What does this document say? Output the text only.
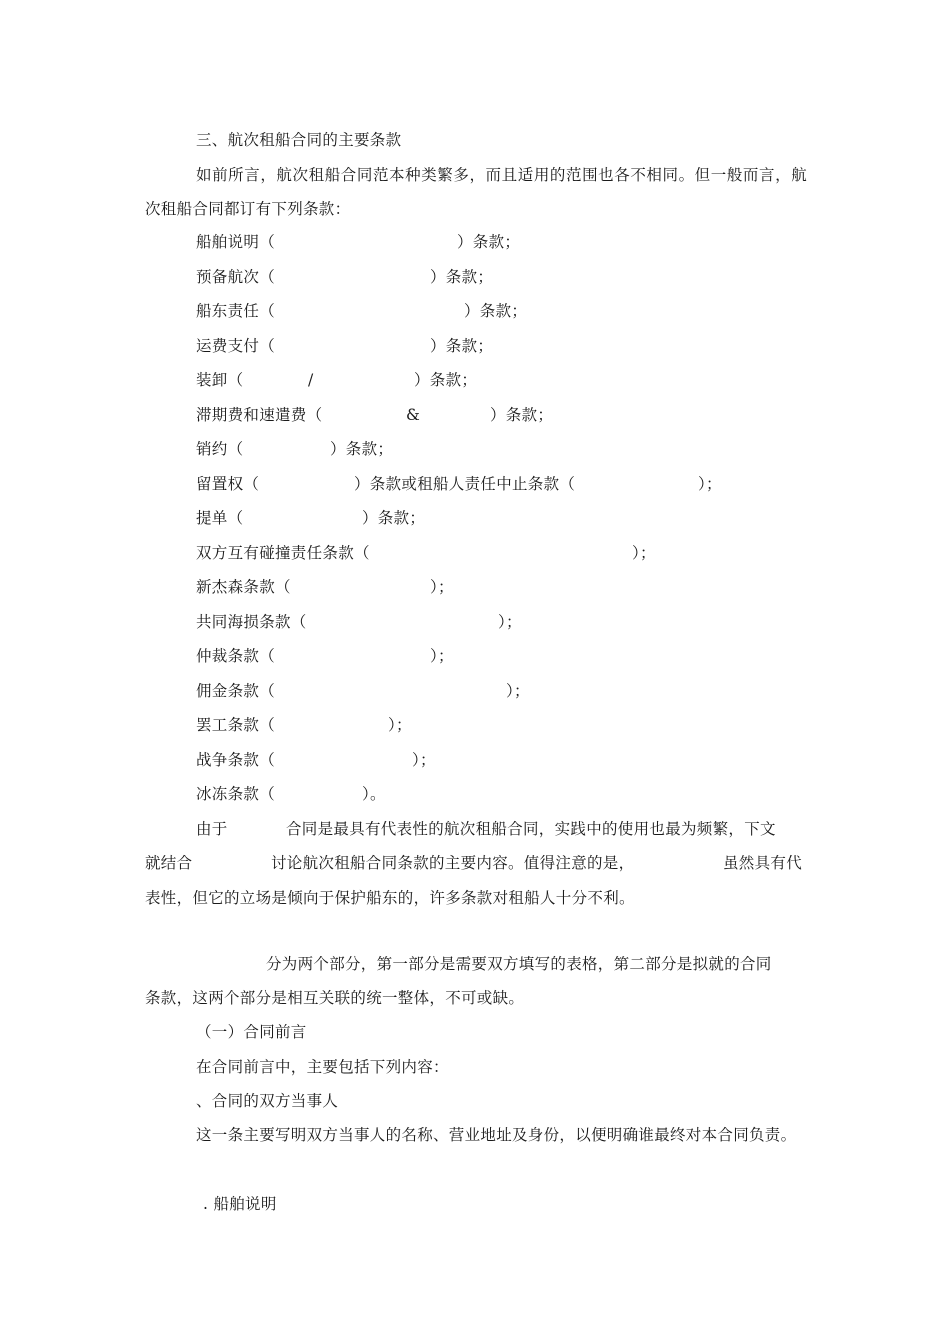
三、航次租船合同的主要条款
如前所言，航次租船合同范本种类繁多，而且适用的范围也各不相同。但一般而言，航次租船合同都订有下列条款：
船舶说明（	）条款；
预备航次（	）条款；
船东责任（	）条款；
运费支付（	）条款；
装卸（	/	）条款；
滞期费和速遣费（	&	）条款；
销约（	）条款；
留置权（	）条款或租船人责任中止条款（	）；
提单（	）条款；
双方互有碰撞责任条款（	）；
新杰森条款（	）；
共同海损条款（	）；
仲裁条款（	）；
佣金条款（	）；
罢工条款（	）；
战争条款（	）；
冰冻条款（	）。
由于	合同是最具有代表性的航次租船合同，实践中的使用也最为频繁，下文
就结合	讨论航次租船合同条款的主要内容。值得注意的是，	虽然具有代
表性，但它的立场是倾向于保护船东的，许多条款对租船人十分不利。
分为两个部分，第一部分是需要双方填写的表格，第二部分是拟就的合同
条款，这两个部分是相互关联的统一整体，不可或缺。
（一）合同前言
在合同前言中，主要包括下列内容：
、合同的双方当事人
这一条主要写明双方当事人的名称、营业地址及身份，以便明确谁最终对本合同负责。
. 船舶说明
